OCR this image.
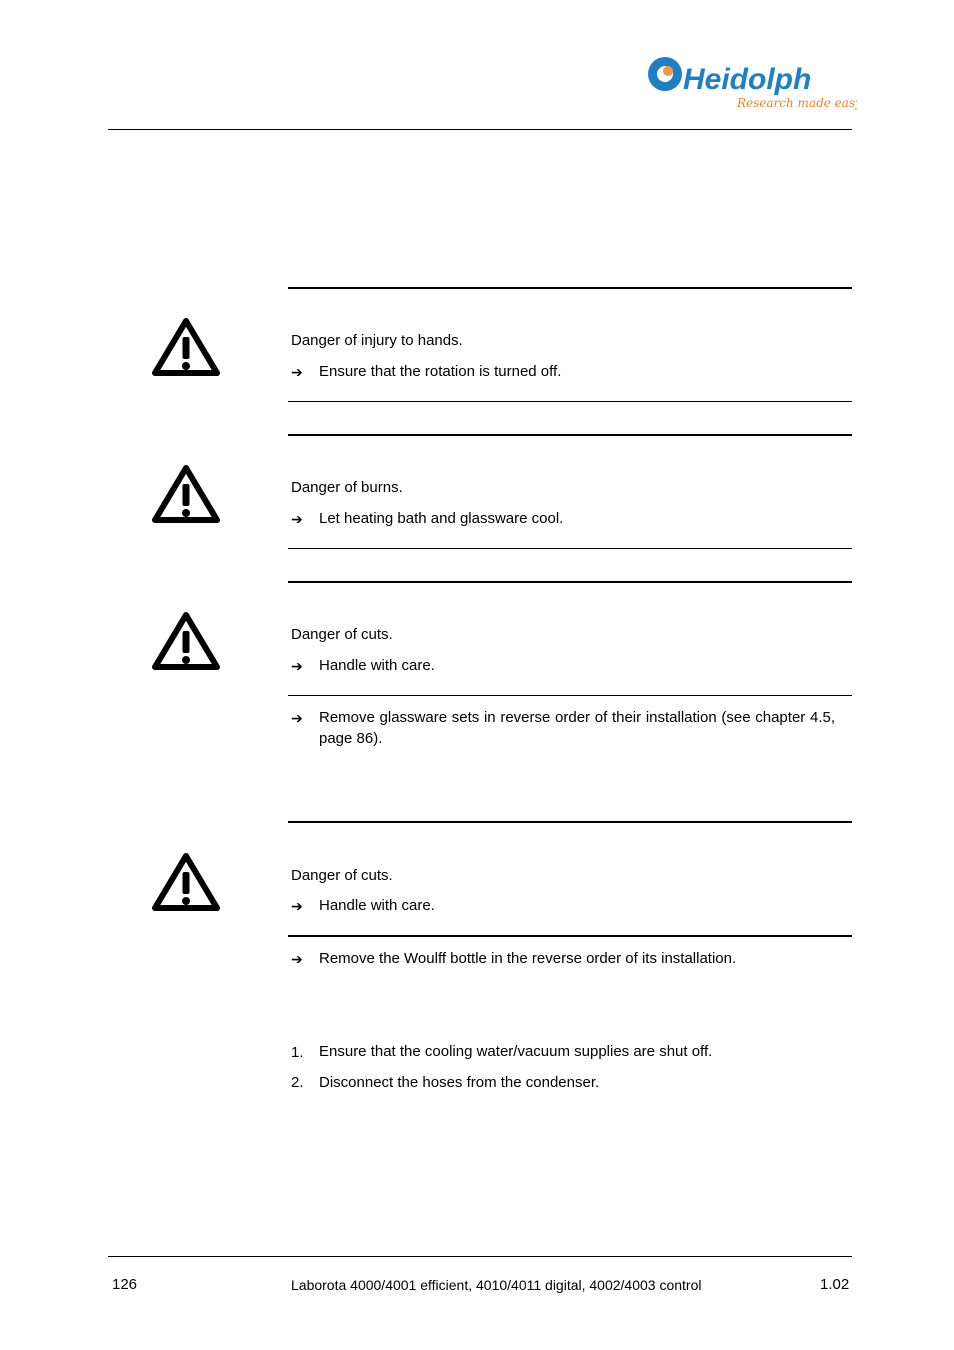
Heidolph
Research made easy
Danger of injury to hands.
➔ Ensure that the rotation is turned off.
Danger of burns.
➔ Let heating bath and glassware cool.
Danger of cuts.
➔ Handle with care.
➔ Remove glassware sets in reverse order of their installation (see chapter 4.5, page 86).
Danger of cuts.
➔ Handle with care.
➔ Remove the Woulff bottle in the reverse order of its installation.
1. Ensure that the cooling water/vacuum supplies are shut off.
2. Disconnect the hoses from the condenser.
126	Laborota 4000/4001 efficient, 4010/4011 digital, 4002/4003 control	1.02
